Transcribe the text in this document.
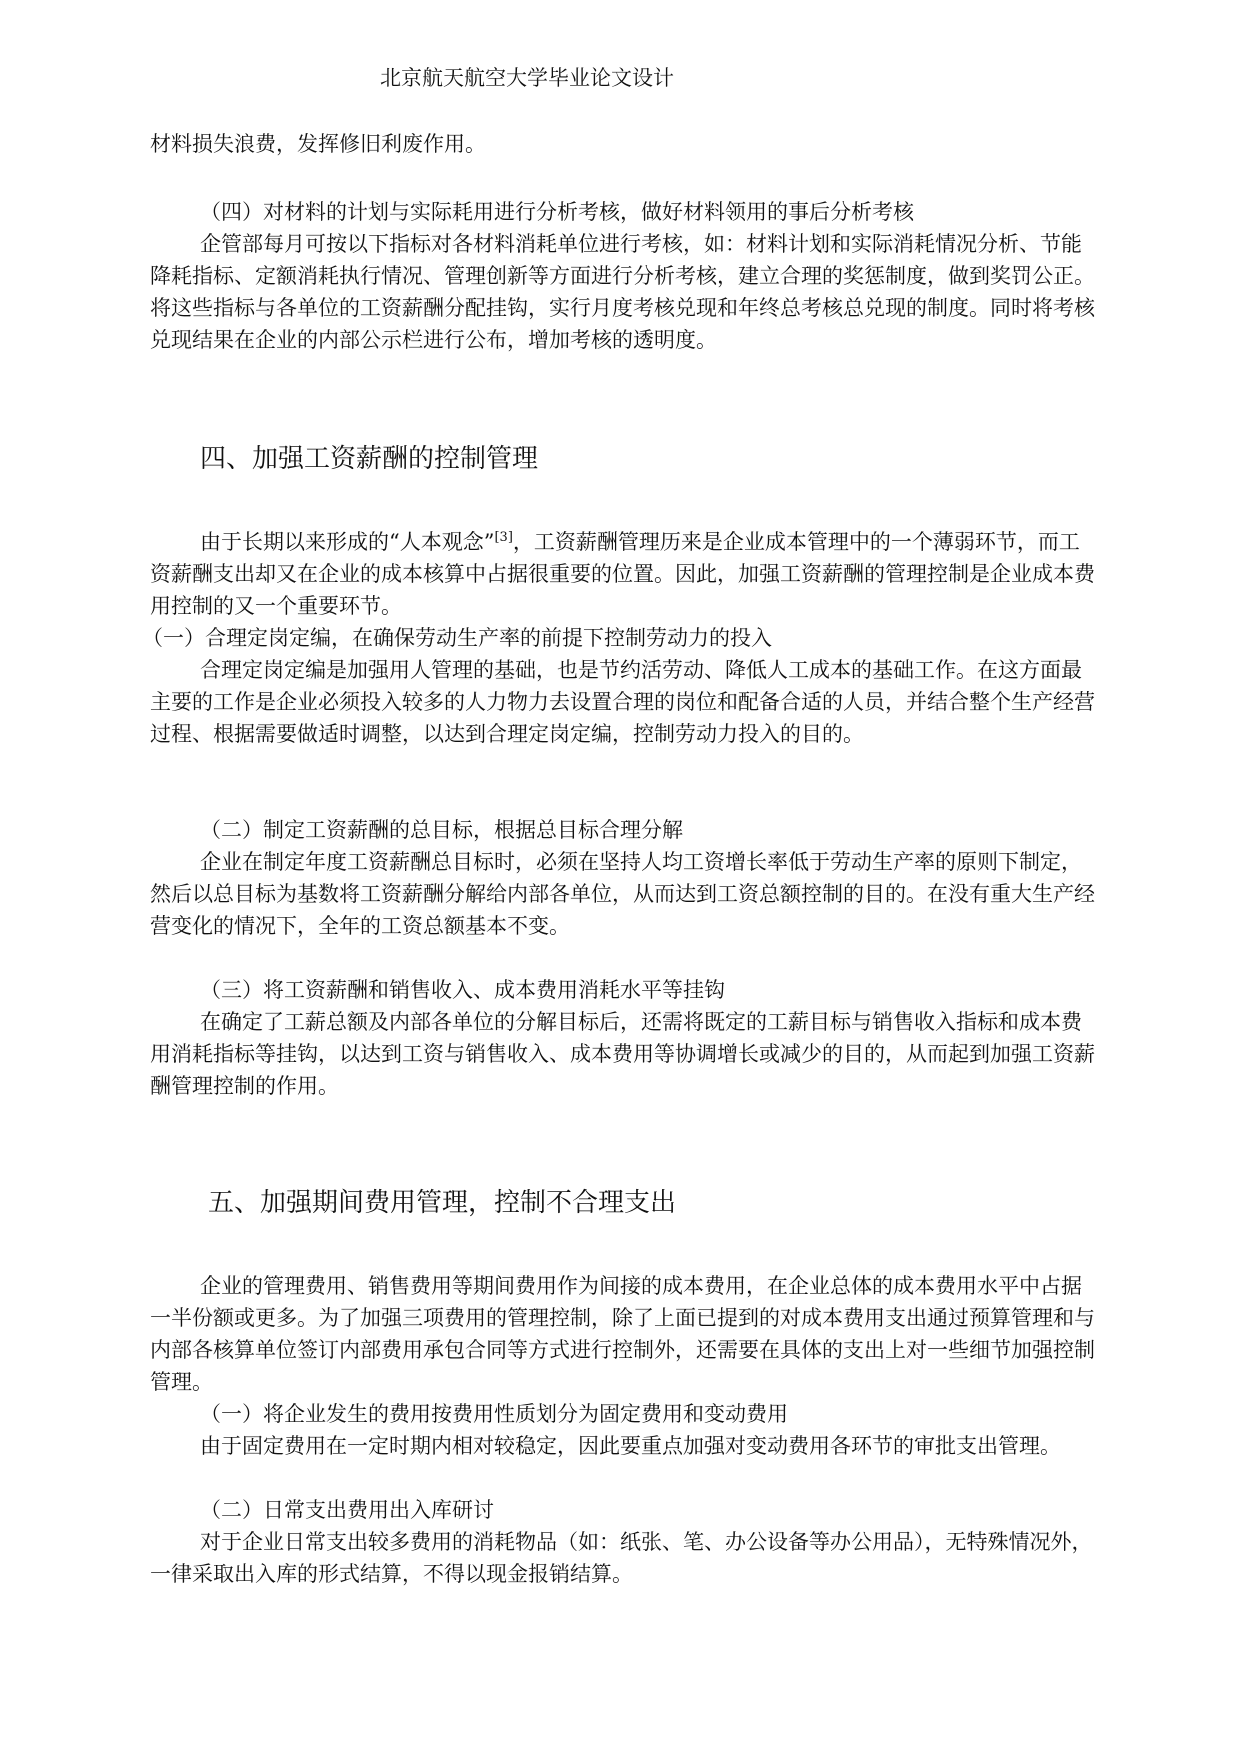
北京航天航空大学毕业论文设计
材料损失浪费，发挥修旧利废作用。
（四）对材料的计划与实际耗用进行分析考核，做好材料领用的事后分析考核
企管部每月可按以下指标对各材料消耗单位进行考核，如：材料计划和实际消耗情况分析、节能降耗指标、定额消耗执行情况、管理创新等方面进行分析考核，建立合理的奖惩制度，做到奖罚公正。将这些指标与各单位的工资薪酬分配挂钩，实行月度考核兑现和年终总考核总兑现的制度。同时将考核兑现结果在企业的内部公示栏进行公布，增加考核的透明度。
四、加强工资薪酬的控制管理
由于长期以来形成的“人本观念”[3]，工资薪酬管理历来是企业成本管理中的一个薄弱环节，而工资薪酬支出却又在企业的成本核算中占据很重要的位置。因此，加强工资薪酬的管理控制是企业成本费用控制的又一个重要环节。
（一）合理定岗定编，在确保劳动生产率的前提下控制劳动力的投入
合理定岗定编是加强用人管理的基础，也是节约活劳动、降低人工成本的基础工作。在这方面最主要的工作是企业必须投入较多的人力物力去设置合理的岗位和配备合适的人员，并结合整个生产经营过程、根据需要做适时调整，以达到合理定岗定编，控制劳动力投入的目的。
（二）制定工资薪酬的总目标，根据总目标合理分解
企业在制定年度工资薪酬总目标时，必须在坚持人均工资增长率低于劳动生产率的原则下制定，然后以总目标为基数将工资薪酬分解给内部各单位，从而达到工资总额控制的目的。在没有重大生产经营变化的情况下，全年的工资总额基本不变。
（三）将工资薪酬和销售收入、成本费用消耗水平等挂钩
在确定了工薪总额及内部各单位的分解目标后，还需将既定的工薪目标与销售收入指标和成本费用消耗指标等挂钩，以达到工资与销售收入、成本费用等协调增长或减少的目的，从而起到加强工资薪酬管理控制的作用。
五、加强期间费用管理，控制不合理支出
企业的管理费用、销售费用等期间费用作为间接的成本费用，在企业总体的成本费用水平中占据一半份额或更多。为了加强三项费用的管理控制，除了上面已提到的对成本费用支出通过预算管理和与内部各核算单位签订内部费用承包合同等方式进行控制外，还需要在具体的支出上对一些细节加强控制管理。
（一）将企业发生的费用按费用性质划分为固定费用和变动费用
由于固定费用在一定时期内相对较稳定，因此要重点加强对变动费用各环节的审批支出管理。
（二）日常支出费用出入库研讨
对于企业日常支出较多费用的消耗物品（如：纸张、笔、办公设备等办公用品），无特殊情况外，一律采取出入库的形式结算，不得以现金报销结算。
